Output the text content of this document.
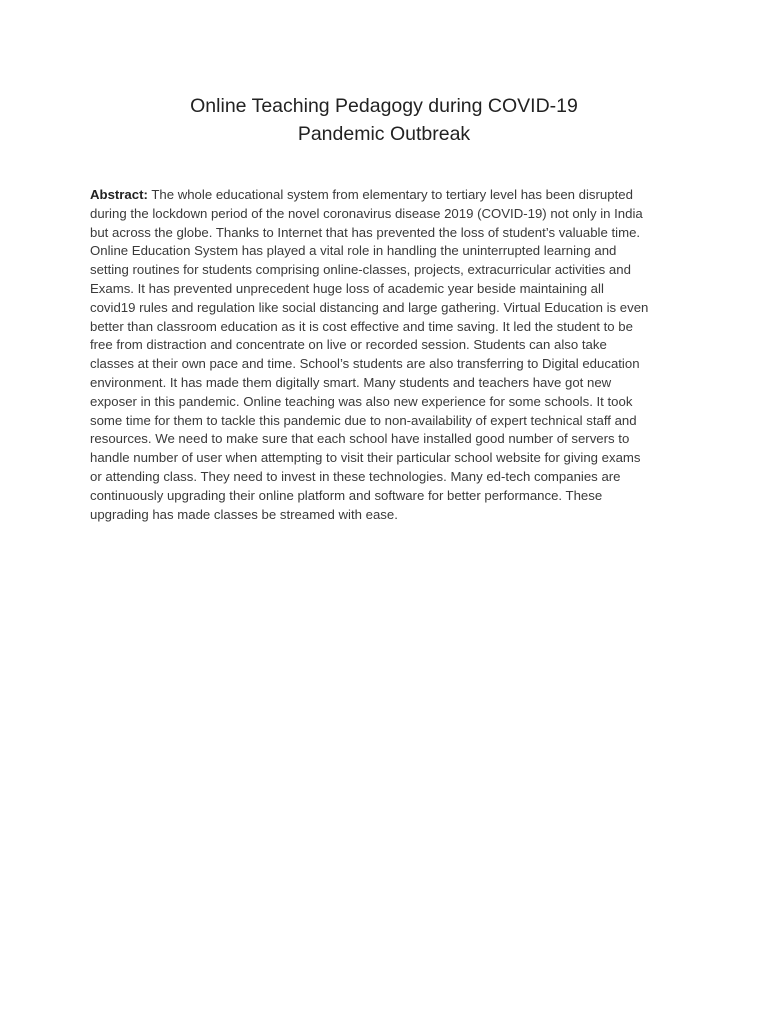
Online Teaching Pedagogy during COVID-19
Pandemic Outbreak

Abstract: The whole educational system from elementary to tertiary level has been disrupted
during the lockdown period of the novel coronavirus disease 2019 (COVID-19) not only in India
but across the globe. Thanks to Internet that has prevented the loss of student’s valuable time.
Online Education System has played a vital role in handling the uninterrupted learning and
setting routines for students comprising online-classes, projects, extracurricular activities and
Exams. It has prevented unprecedent huge loss of academic year beside maintaining all
covid19 rules and regulation like social distancing and large gathering. Virtual Education is even
better than classroom education as it is cost effective and time saving. It led the student to be
free from distraction and concentrate on live or recorded session. Students can also take
classes at their own pace and time. School’s students are also transferring to Digital education
environment. It has made them digitally smart. Many students and teachers have got new
exposer in this pandemic. Online teaching was also new experience for some schools. It took
some time for them to tackle this pandemic due to non-availability of expert technical staff and
resources. We need to make sure that each school have installed good number of servers to
handle number of user when attempting to visit their particular school website for giving exams
or attending class. They need to invest in these technologies. Many ed-tech companies are
continuously upgrading their online platform and software for better performance. These
upgrading has made classes be streamed with ease.
